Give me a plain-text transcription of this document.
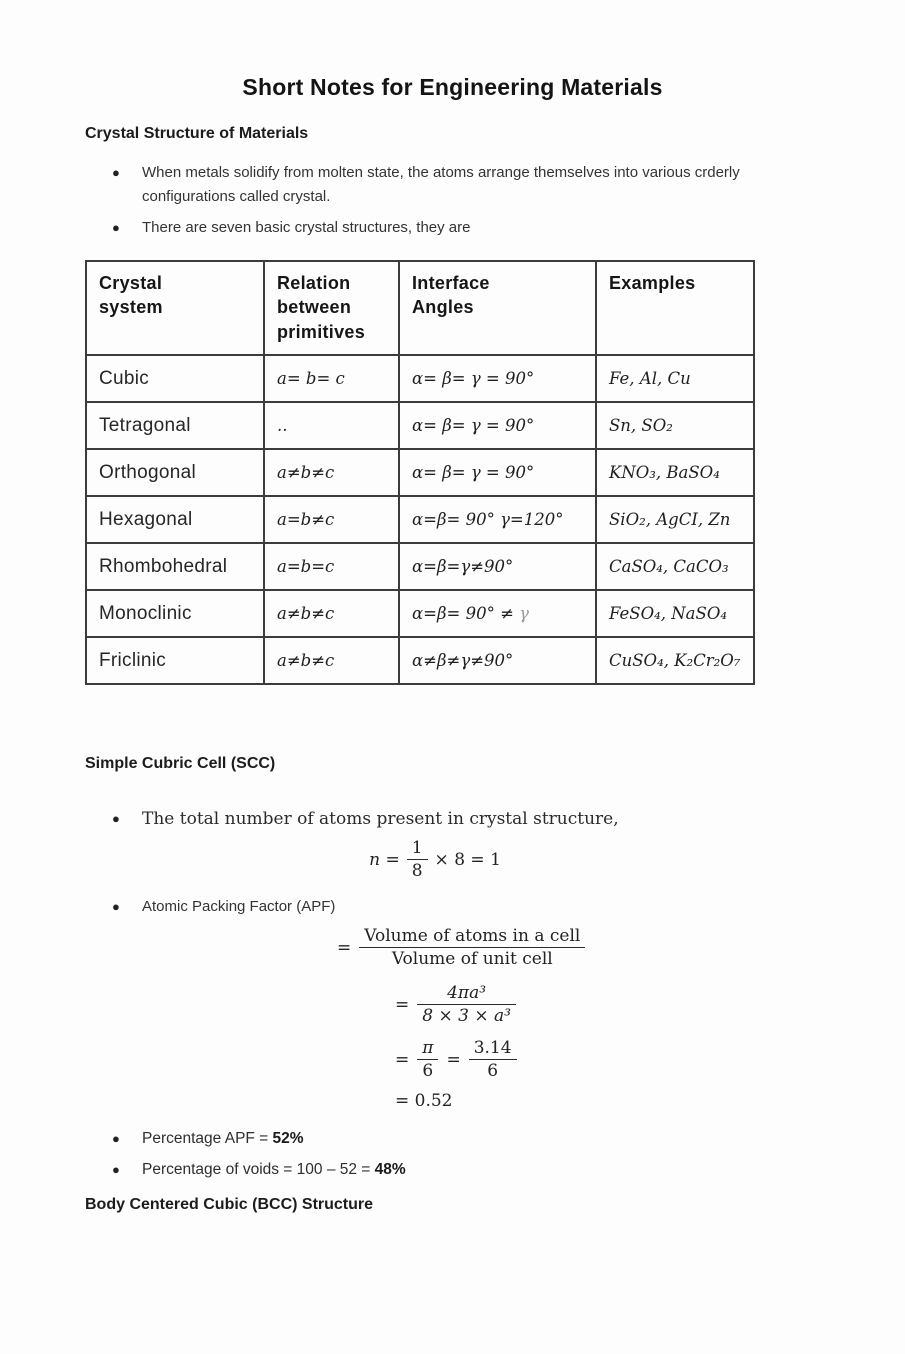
Short Notes for Engineering Materials
Crystal Structure of Materials
●	When metals solidify from molten state, the atoms arrange themselves into various crderly configurations called crystal.
●	There are seven basic crystal structures, they are
Crystal system	Relation between primitives	Interface Angles	Examples
Cubic	a= b= c	α= β= γ = 90°	Fe, Al, Cu
Tetragonal	..	α= β= γ = 90°	Sn, SO₂
Orthogonal	a≠b≠c	α= β= γ = 90°	KNO₃, BaSO₄
Hexagonal	a=b≠c	α=β= 90° γ=120°	SiO₂, AgCI, Zn
Rhombohedral	a=b=c	α=β=γ≠90°	CaSO₄, CaCO₃
Monoclinic	a≠b≠c	α=β= 90° ≠ γ	FeSO₄, NaSO₄
Friclinic	a≠b≠c	α≠β≠γ≠90°	CuSO₄, K₂Cr₂O₇
Simple Cubric Cell (SCC)
●	The total number of atoms present in crystal structure,
$n = \frac{1}{8} \times 8 = 1$
●	Atomic Packing Factor (APF)
= $\frac{\text{Volume of atoms in a cell}}{\text{Volume of unit cell}}$
= $\frac{\text{4πa³}}{\text{8 × 3 × a³}}$
= $\frac{\pi}{6} = \frac{3.14}{6}$
= 0.52
●	Percentage APF = 52%
●	Percentage of voids = 100 – 52 = 48%
Body Centered Cubic (BCC) Structure
